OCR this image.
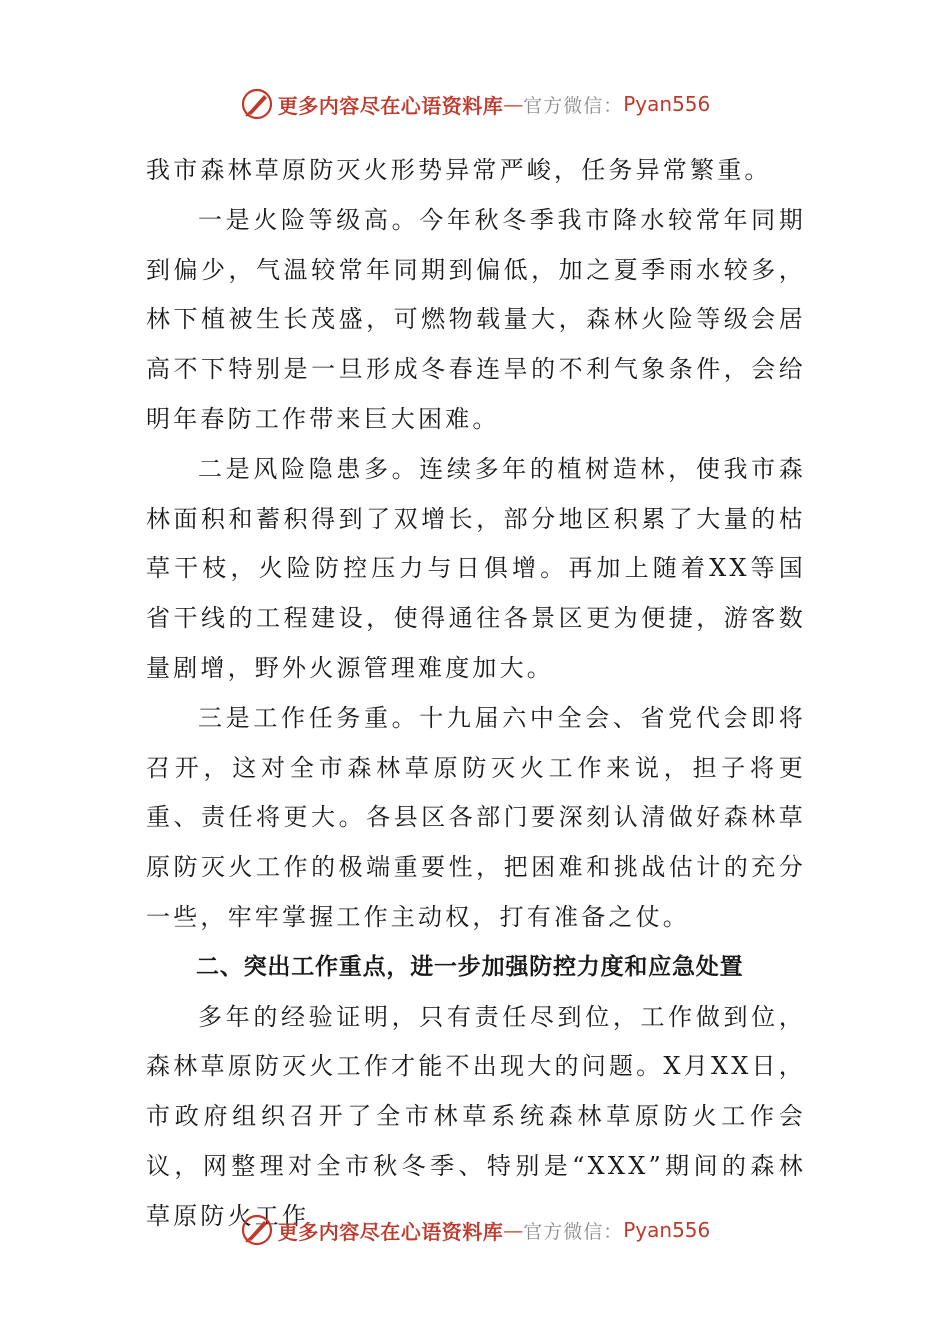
更多内容尽在心语资料库 — 官方微信： Pyan556

我市森林草原防灭火形势异常严峻，任务异常繁重。

一是火险等级高。今年秋冬季我市降水较常年同期到偏少，气温较常年同期到偏低，加之夏季雨水较多，林下植被生长茂盛，可燃物载量大，森林火险等级会居高不下特别是一旦形成冬春连旱的不利气象条件，会给明年春防工作带来巨大困难。

二是风险隐患多。连续多年的植树造林，使我市森林面积和蓄积得到了双增长，部分地区积累了大量的枯草干枝，火险防控压力与日俱增。再加上随着XX等国省干线的工程建设，使得通往各景区更为便捷，游客数量剧增，野外火源管理难度加大。

三是工作任务重。十九届六中全会、省党代会即将召开，这对全市森林草原防灭火工作来说，担子将更重、责任将更大。各县区各部门要深刻认清做好森林草原防灭火工作的极端重要性，把困难和挑战估计的充分一些，牢牢掌握工作主动权，打有准备之仗。

二、突出工作重点，进一步加强防控力度和应急处置

多年的经验证明，只有责任尽到位，工作做到位，森林草原防灭火工作才能不出现大的问题。X月XX日，市政府组织召开了全市林草系统森林草原防火工作会议，网整理对全市秋冬季、特别是“XXX”期间的森林草原防火工作

更多内容尽在心语资料库 — 官方微信： Pyan556
